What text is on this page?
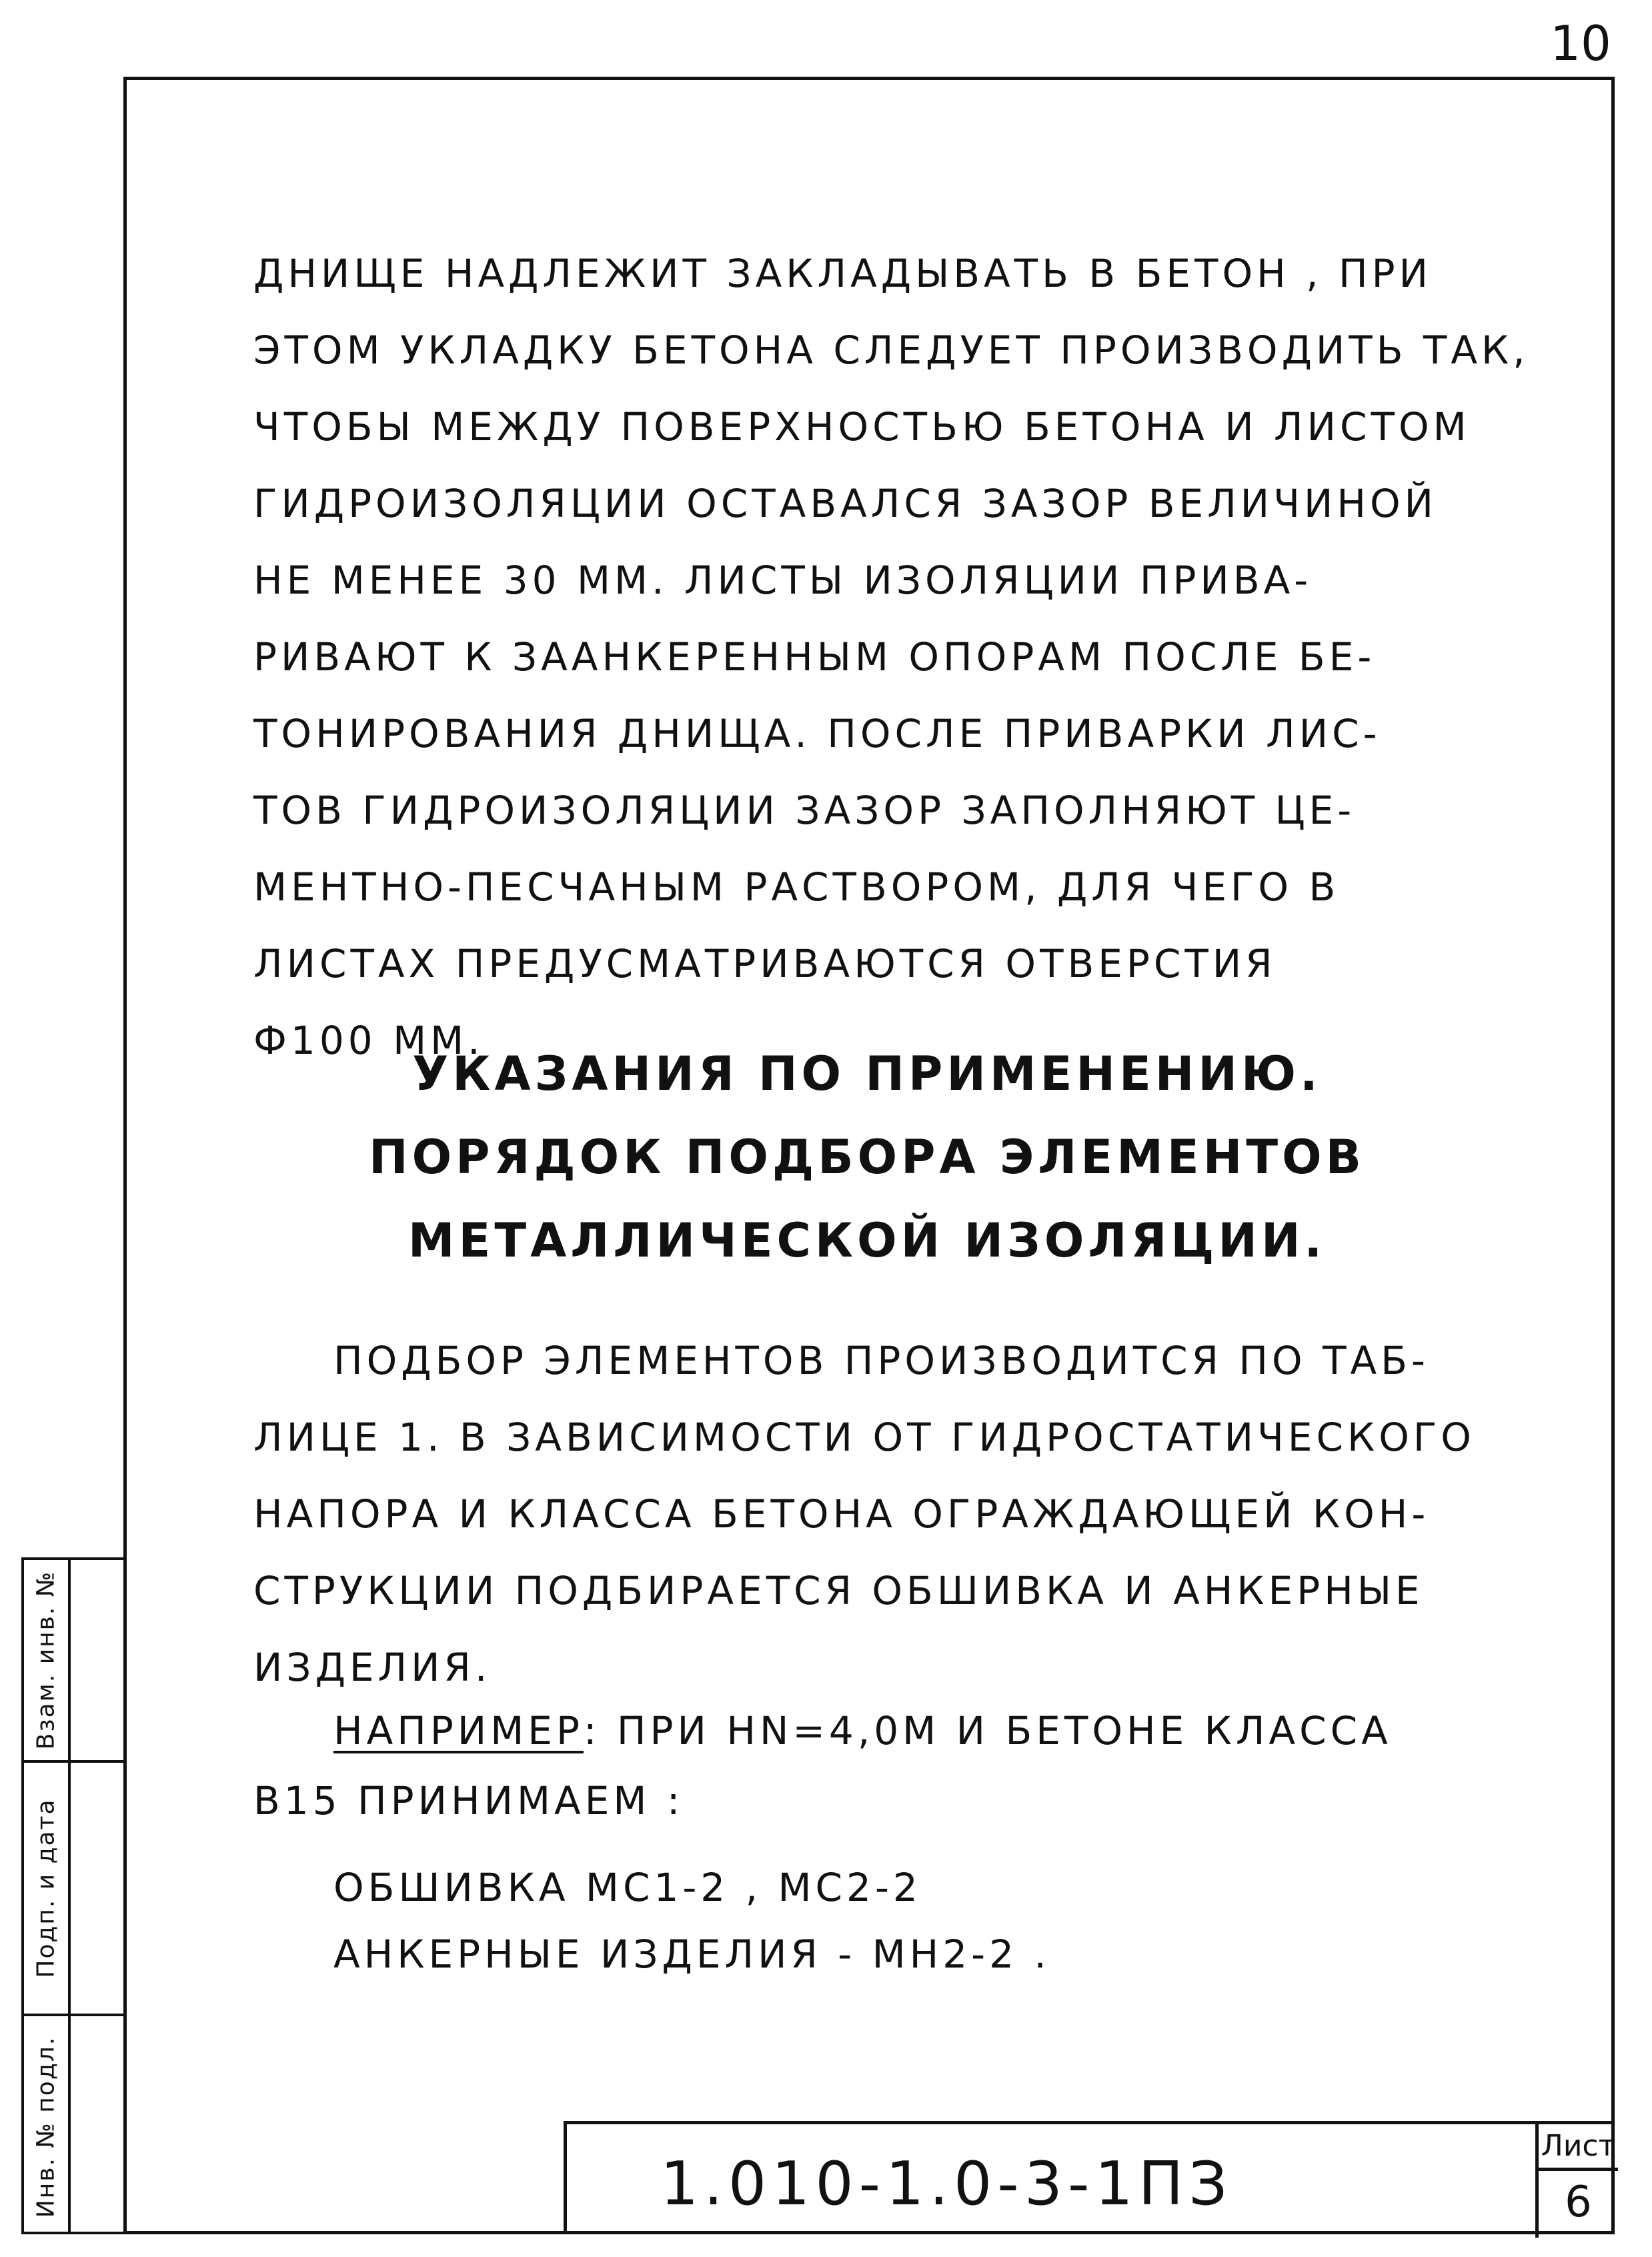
10
ДНИЩЕ НАДЛЕЖИТ ЗАКЛАДЫВАТЬ В БЕТОН , ПРИ
ЭТОМ УКЛАДКУ БЕТОНА СЛЕДУЕТ ПРОИЗВОДИТЬ ТАК,
ЧТОБЫ МЕЖДУ ПОВЕРХНОСТЬЮ БЕТОНА И ЛИСТОМ
ГИДРОИЗОЛЯЦИИ ОСТАВАЛСЯ ЗАЗОР ВЕЛИЧИНОЙ
НЕ МЕНЕЕ 30 ММ. ЛИСТЫ ИЗОЛЯЦИИ ПРИВА-
РИВАЮТ К ЗААНКЕРЕННЫМ ОПОРАМ ПОСЛЕ БЕ-
ТОНИРОВАНИЯ ДНИЩА. ПОСЛЕ ПРИВАРКИ ЛИС-
ТОВ ГИДРОИЗОЛЯЦИИ ЗАЗОР ЗАПОЛНЯЮТ ЦЕ-
МЕНТНО-ПЕСЧАНЫМ РАСТВОРОМ, ДЛЯ ЧЕГО В
ЛИСТАХ ПРЕДУСМАТРИВАЮТСЯ ОТВЕРСТИЯ
Ф100 ММ.
УКАЗАНИЯ ПО ПРИМЕНЕНИЮ.
ПОРЯДОК ПОДБОРА ЭЛЕМЕНТОВ
МЕТАЛЛИЧЕСКОЙ ИЗОЛЯЦИИ.
ПОДБОР ЭЛЕМЕНТОВ ПРОИЗВОДИТСЯ ПО ТАБ-
ЛИЦЕ 1. В ЗАВИСИМОСТИ ОТ ГИДРОСТАТИЧЕСКОГО
НАПОРА И КЛАССА БЕТОНА ОГРАЖДАЮЩЕЙ КОН-
СТРУКЦИИ ПОДБИРАЕТСЯ ОБШИВКА И АНКЕРНЫЕ
ИЗДЕЛИЯ.
НАПРИМЕР: ПРИ HN=4,0М И БЕТОНЕ КЛАССА
В15 ПРИНИМАЕМ :
ОБШИВКА МС1-2 , МС2-2
АНКЕРНЫЕ ИЗДЕЛИЯ - МН2-2 .
Взам. инв. №
Подп. и дата
Инв. № подл.	1.010-1.0-3-1ПЗ
Лист
6
